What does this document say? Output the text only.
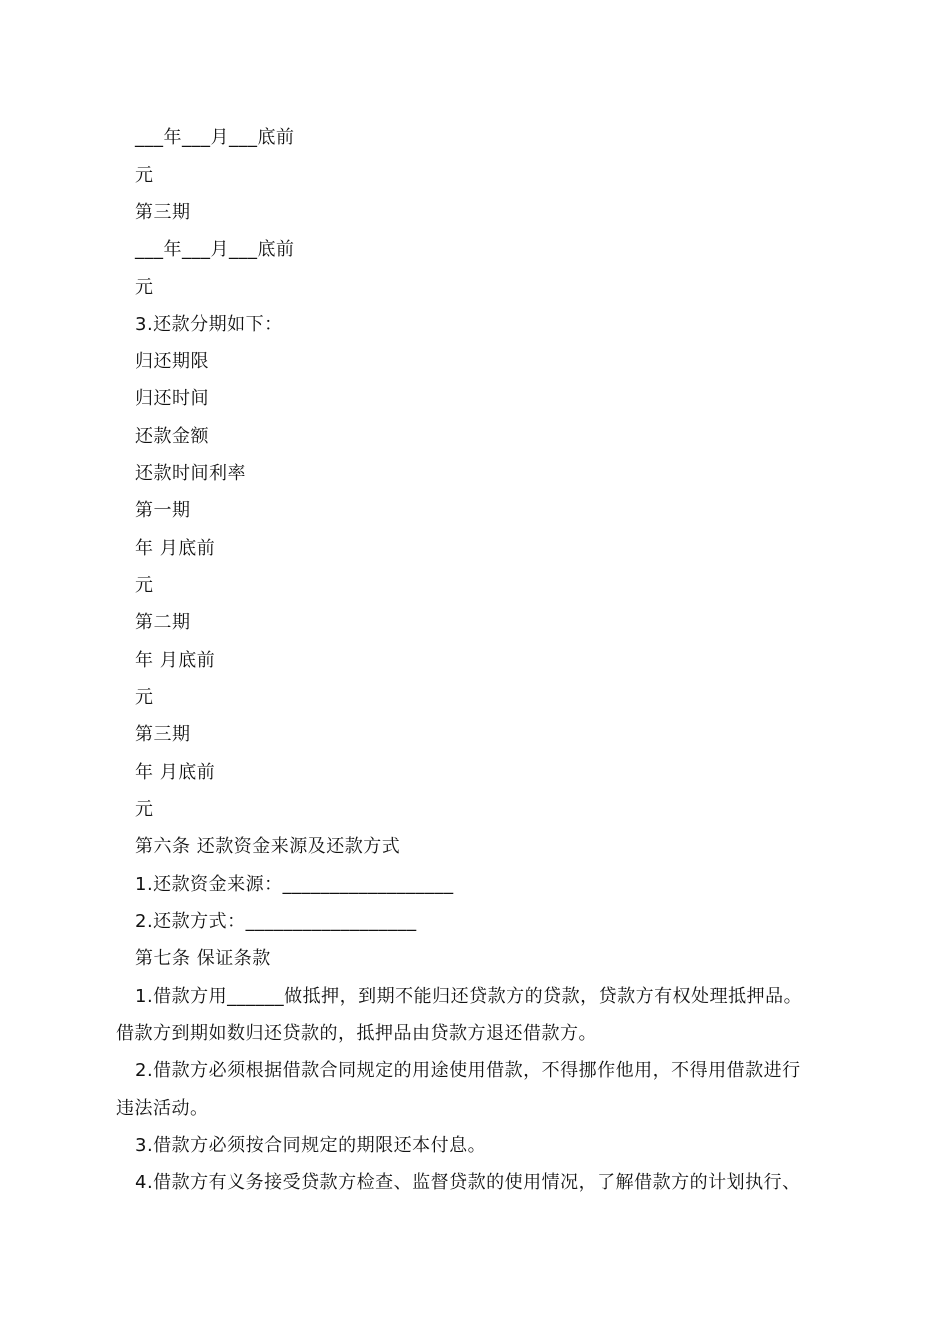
___年___月___底前
元
第三期
___年___月___底前
元
3.还款分期如下：
归还期限
归还时间
还款金额
还款时间利率
第一期
年 月底前
元
第二期
年 月底前
元
第三期
年 月底前
元
第六条 还款资金来源及还款方式
1.还款资金来源：__________________
2.还款方式：__________________
第七条 保证条款
1.借款方用______做抵押，到期不能归还贷款方的贷款，贷款方有权处理抵押品。
借款方到期如数归还贷款的，抵押品由贷款方退还借款方。
2.借款方必须根据借款合同规定的用途使用借款，不得挪作他用，不得用借款进行
违法活动。
3.借款方必须按合同规定的期限还本付息。
4.借款方有义务接受贷款方检查、监督贷款的使用情况，了解借款方的计划执行、
